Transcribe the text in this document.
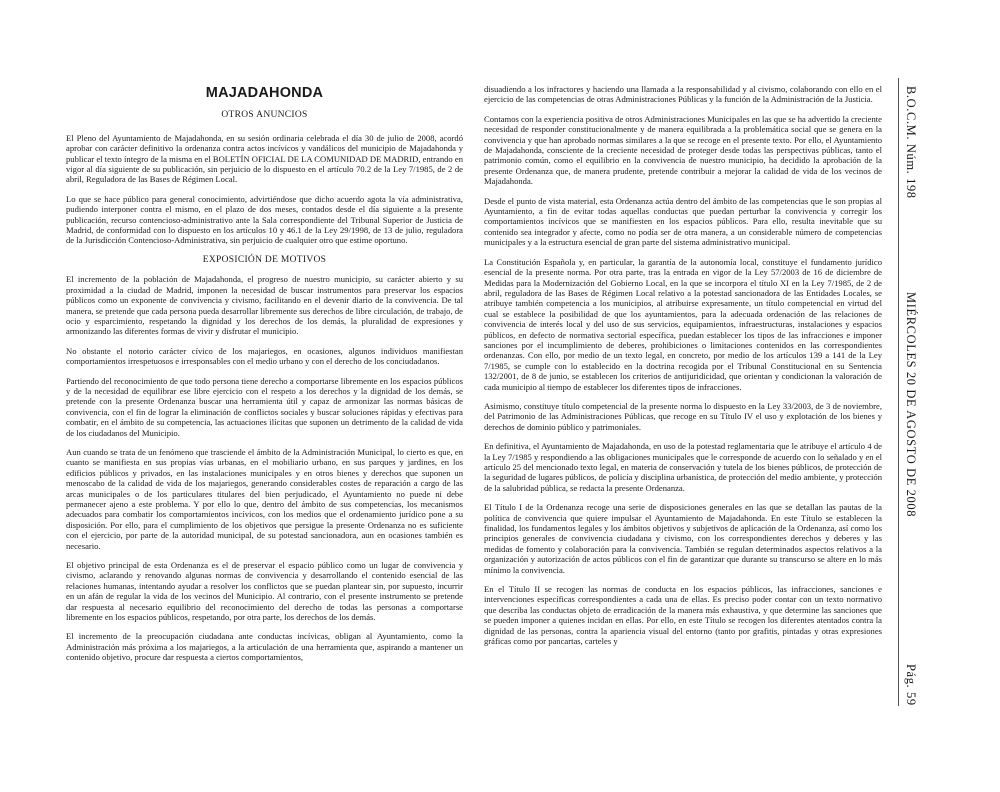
MAJADAHONDA
OTROS ANUNCIOS

El Pleno del Ayuntamiento de Majadahonda, en su sesión ordinaria celebrada el día 30 de julio de 2008, acordó aprobar con carácter definitivo la ordenanza contra actos incívicos y vandálicos del municipio de Majadahonda y publicar el texto íntegro de la misma en el BOLETÍN OFICIAL DE LA COMUNIDAD DE MADRID, entrando en vigor al día siguiente de su publicación, sin perjuicio de lo dispuesto en el artículo 70.2 de la Ley 7/1985, de 2 de abril, Reguladora de las Bases de Régimen Local.

Lo que se hace público para general conocimiento, advirtiéndose que dicho acuerdo agota la vía administrativa, pudiendo interponer contra el mismo, en el plazo de dos meses, contados desde el día siguiente a la presente publicación, recurso contencioso-administrativo ante la Sala correspondiente del Tribunal Superior de Justicia de Madrid, de conformidad con lo dispuesto en los artículos 10 y 46.1 de la Ley 29/1998, de 13 de julio, reguladora de la Jurisdicción Contencioso-Administrativa, sin perjuicio de cualquier otro que estime oportuno.

EXPOSICIÓN DE MOTIVOS

El incremento de la población de Majadahonda, el progreso de nuestro municipio, su carácter abierto y su proximidad a la ciudad de Madrid, imponen la necesidad de buscar instrumentos para preservar los espacios públicos como un exponente de convivencia y civismo, facilitando en el devenir diario de la convivencia. De tal manera, se pretende que cada persona pueda desarrollar libremente sus derechos de libre circulación, de trabajo, de ocio y esparcimiento, respetando la dignidad y los derechos de los demás, la pluralidad de expresiones y armonizando las diferentes formas de vivir y disfrutar el municipio.

No obstante el notorio carácter cívico de los majariegos, en ocasiones, algunos individuos manifiestan comportamientos irrespetuosos e irresponsables con el medio urbano y con el derecho de los conciudadanos.

Partiendo del reconocimiento de que todo persona tiene derecho a comportarse libremente en los espacios públicos y de la necesidad de equilibrar ese libre ejercicio con el respeto a los derechos y la dignidad de los demás, se pretende con la presente Ordenanza buscar una herramienta útil y capaz de armonizar las normas básicas de convivencia, con el fin de lograr la eliminación de conflictos sociales y buscar soluciones rápidas y efectivas para combatir, en el ámbito de su competencia, las actuaciones ilícitas que suponen un detrimento de la calidad de vida de los ciudadanos del Municipio.

Aun cuando se trata de un fenómeno que trasciende el ámbito de la Administración Municipal, lo cierto es que, en cuanto se manifiesta en sus propias vías urbanas, en el mobiliario urbano, en sus parques y jardines, en los edificios públicos y privados, en las instalaciones municipales y en otros bienes y derechos que suponen un menoscabo de la calidad de vida de los majariegos, generando considerables costes de reparación a cargo de las arcas municipales o de los particulares titulares del bien perjudicado, el Ayuntamiento no puede ni debe permanecer ajeno a este problema. Y por ello lo que, dentro del ámbito de sus competencias, los mecanismos adecuados para combatir los comportamientos incívicos, con los medios que el ordenamiento jurídico pone a su disposición. Por ello, para el cumplimiento de los objetivos que persigue la presente Ordenanza no es suficiente con el ejercicio, por parte de la autoridad municipal, de su potestad sancionadora, aun en ocasiones también es necesario.

El objetivo principal de esta Ordenanza es el de preservar el espacio público como un lugar de convivencia y civismo, aclarando y renovando algunas normas de convivencia y desarrollando el contenido esencial de las relaciones humanas, intentando ayudar a resolver los conflictos que se puedan plantear sin, por supuesto, incurrir en un afán de regular la vida de los vecinos del Municipio. Al contrario, con el presente instrumento se pretende dar respuesta al necesario equilibrio del reconocimiento del derecho de todas las personas a comportarse libremente en los espacios públicos, respetando, por otra parte, los derechos de los demás.

El incremento de la preocupación ciudadana ante conductas incívicas, obligan al Ayuntamiento, como la Administración más próxima a los majariegos, a la articulación de una herramienta que, aspirando a mantener un contenido objetivo, procure dar respuesta a ciertos comportamientos,

disuadiendo a los infractores y haciendo una llamada a la responsabilidad y al civismo, colaborando con ello en el ejercicio de las competencias de otras Administraciones Públicas y la función de la Administración de la Justicia.

Contamos con la experiencia positiva de otros Administraciones Municipales en las que se ha advertido la creciente necesidad de responder constitucionalmente y de manera equilibrada a la problemática social que se genera en la convivencia y que han aprobado normas similares a la que se recoge en el presente texto. Por ello, el Ayuntamiento de Majadahonda, consciente de la creciente necesidad de proteger desde todas las perspectivas públicas, tanto el patrimonio común, como el equilibrio en la convivencia de nuestro municipio, ha decidido la aprobación de la presente Ordenanza que, de manera prudente, pretende contribuir a mejorar la calidad de vida de los vecinos de Majadahonda.

Desde el punto de vista material, esta Ordenanza actúa dentro del ámbito de las competencias que le son propias al Ayuntamiento, a fin de evitar todas aquellas conductas que puedan perturbar la convivencia y corregir los comportamientos incívicos que se manifiesten en los espacios públicos. Para ello, resulta inevitable que su contenido sea integrador y afecte, como no podía ser de otra manera, a un considerable número de competencias municipales y a la estructura esencial de gran parte del sistema administrativo municipal.

La Constitución Española y, en particular, la garantía de la autonomía local, constituye el fundamento jurídico esencial de la presente norma. Por otra parte, tras la entrada en vigor de la Ley 57/2003 de 16 de diciembre de Medidas para la Modernización del Gobierno Local, en la que se incorpora el título XI en la Ley 7/1985, de 2 de abril, reguladora de las Bases de Régimen Local relativo a la potestad sancionadora de las Entidades Locales, se atribuye también competencia a los municipios, al atribuirse expresamente, un título competencial en virtud del cual se establece la posibilidad de que los ayuntamientos, para la adecuada ordenación de las relaciones de convivencia de interés local y del uso de sus servicios, equipamientos, infraestructuras, instalaciones y espacios públicos, en defecto de normativa sectorial específica, puedan establecer los tipos de las infracciones e imponer sanciones por el incumplimiento de deberes, prohibiciones o limitaciones contenidos en las correspondientes ordenanzas. Con ello, por medio de un texto legal, en concreto, por medio de los artículos 139 a 141 de la Ley 7/1985, se cumple con lo establecido en la doctrina recogida por el Tribunal Constitucional en su Sentencia 132/2001, de 8 de junio, se establecen los criterios de antijuridicidad, que orientan y condicionan la valoración de cada municipio al tiempo de establecer los diferentes tipos de infracciones.

Asimismo, constituye título competencial de la presente norma lo dispuesto en la Ley 33/2003, de 3 de noviembre, del Patrimonio de las Administraciones Públicas, que recoge en su Título IV el uso y explotación de los bienes y derechos de dominio público y patrimoniales.

En definitiva, el Ayuntamiento de Majadahonda, en uso de la potestad reglamentaria que le atribuye el artículo 4 de la Ley 7/1985 y respondiendo a las obligaciones municipales que le corresponde de acuerdo con lo señalado y en el artículo 25 del mencionado texto legal, en materia de conservación y tutela de los bienes públicos, de protección de la seguridad de lugares públicos, de policía y disciplina urbanística, de protección del medio ambiente, y protección de la salubridad pública, se redacta la presente Ordenanza.

El Título I de la Ordenanza recoge una serie de disposiciones generales en las que se detallan las pautas de la política de convivencia que quiere impulsar el Ayuntamiento de Majadahonda. En este Título se establecen la finalidad, los fundamentos legales y los ámbitos objetivos y subjetivos de aplicación de la Ordenanza, así como los principios generales de convivencia ciudadana y civismo, con los correspondientes derechos y deberes y las medidas de fomento y colaboración para la convivencia. También se regulan determinados aspectos relativos a la organización y autorización de actos públicos con el fin de garantizar que durante su transcurso se altere en lo más mínimo la convivencia.

En el Título II se recogen las normas de conducta en los espacios públicos, las infracciones, sanciones e intervenciones específicas correspondientes a cada una de ellas. Es preciso poder contar con un texto normativo que describa las conductas objeto de erradicación de la manera más exhaustiva, y que determine las sanciones que se pueden imponer a quienes incidan en ellas. Por ello, en este Título se recogen los diferentes atentados contra la dignidad de las personas, contra la apariencia visual del entorno (tanto por grafitis, pintadas y otras expresiones gráficas como por pancartas, carteles y

B.O.C.M. Núm. 198
MIÉRCOLES 20 DE AGOSTO DE 2008
Pág. 59
